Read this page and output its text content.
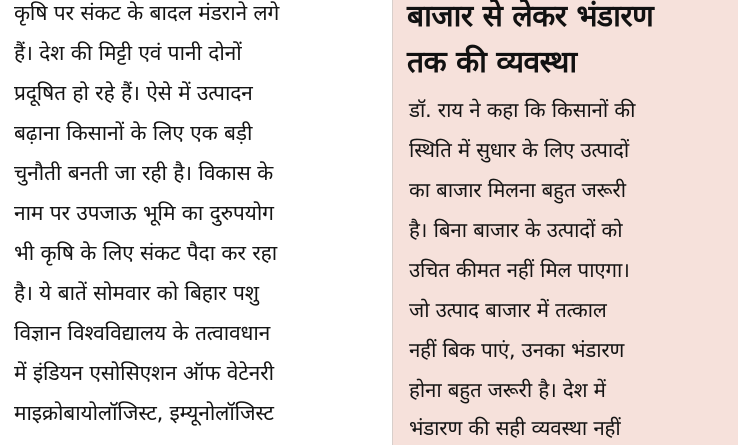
कृषि पर संकट के बादल मंडराने लगे
हैं। देश की मिट्टी एवं पानी दोनों
प्रदूषित हो रहे हैं। ऐसे में उत्पादन
बढ़ाना किसानों के लिए एक बड़ी
चुनौती बनती जा रही है। विकास के
नाम पर उपजाऊ भूमि का दुरुपयोग
भी कृषि के लिए संकट पैदा कर रहा
है। ये बातें सोमवार को बिहार पशु
विज्ञान विश्वविद्यालय के तत्वावधान
में इंडियन एसोसिएशन ऑफ वेटेनरी
माइक्रोबायोलॉजिस्ट, इम्यूनोलॉजिस्ट
बाजार से लेकर भंडारण
तक की व्यवस्था
डॉ. राय ने कहा कि किसानों की
स्थिति में सुधार के लिए उत्पादों
का बाजार मिलना बहुत जरूरी
है। बिना बाजार के उत्पादों को
उचित कीमत नहीं मिल पाएगा।
जो उत्पाद बाजार में तत्काल
नहीं बिक पाएं, उनका भंडारण
होना बहुत जरूरी है। देश में
भंडारण की सही व्यवस्था नहीं
